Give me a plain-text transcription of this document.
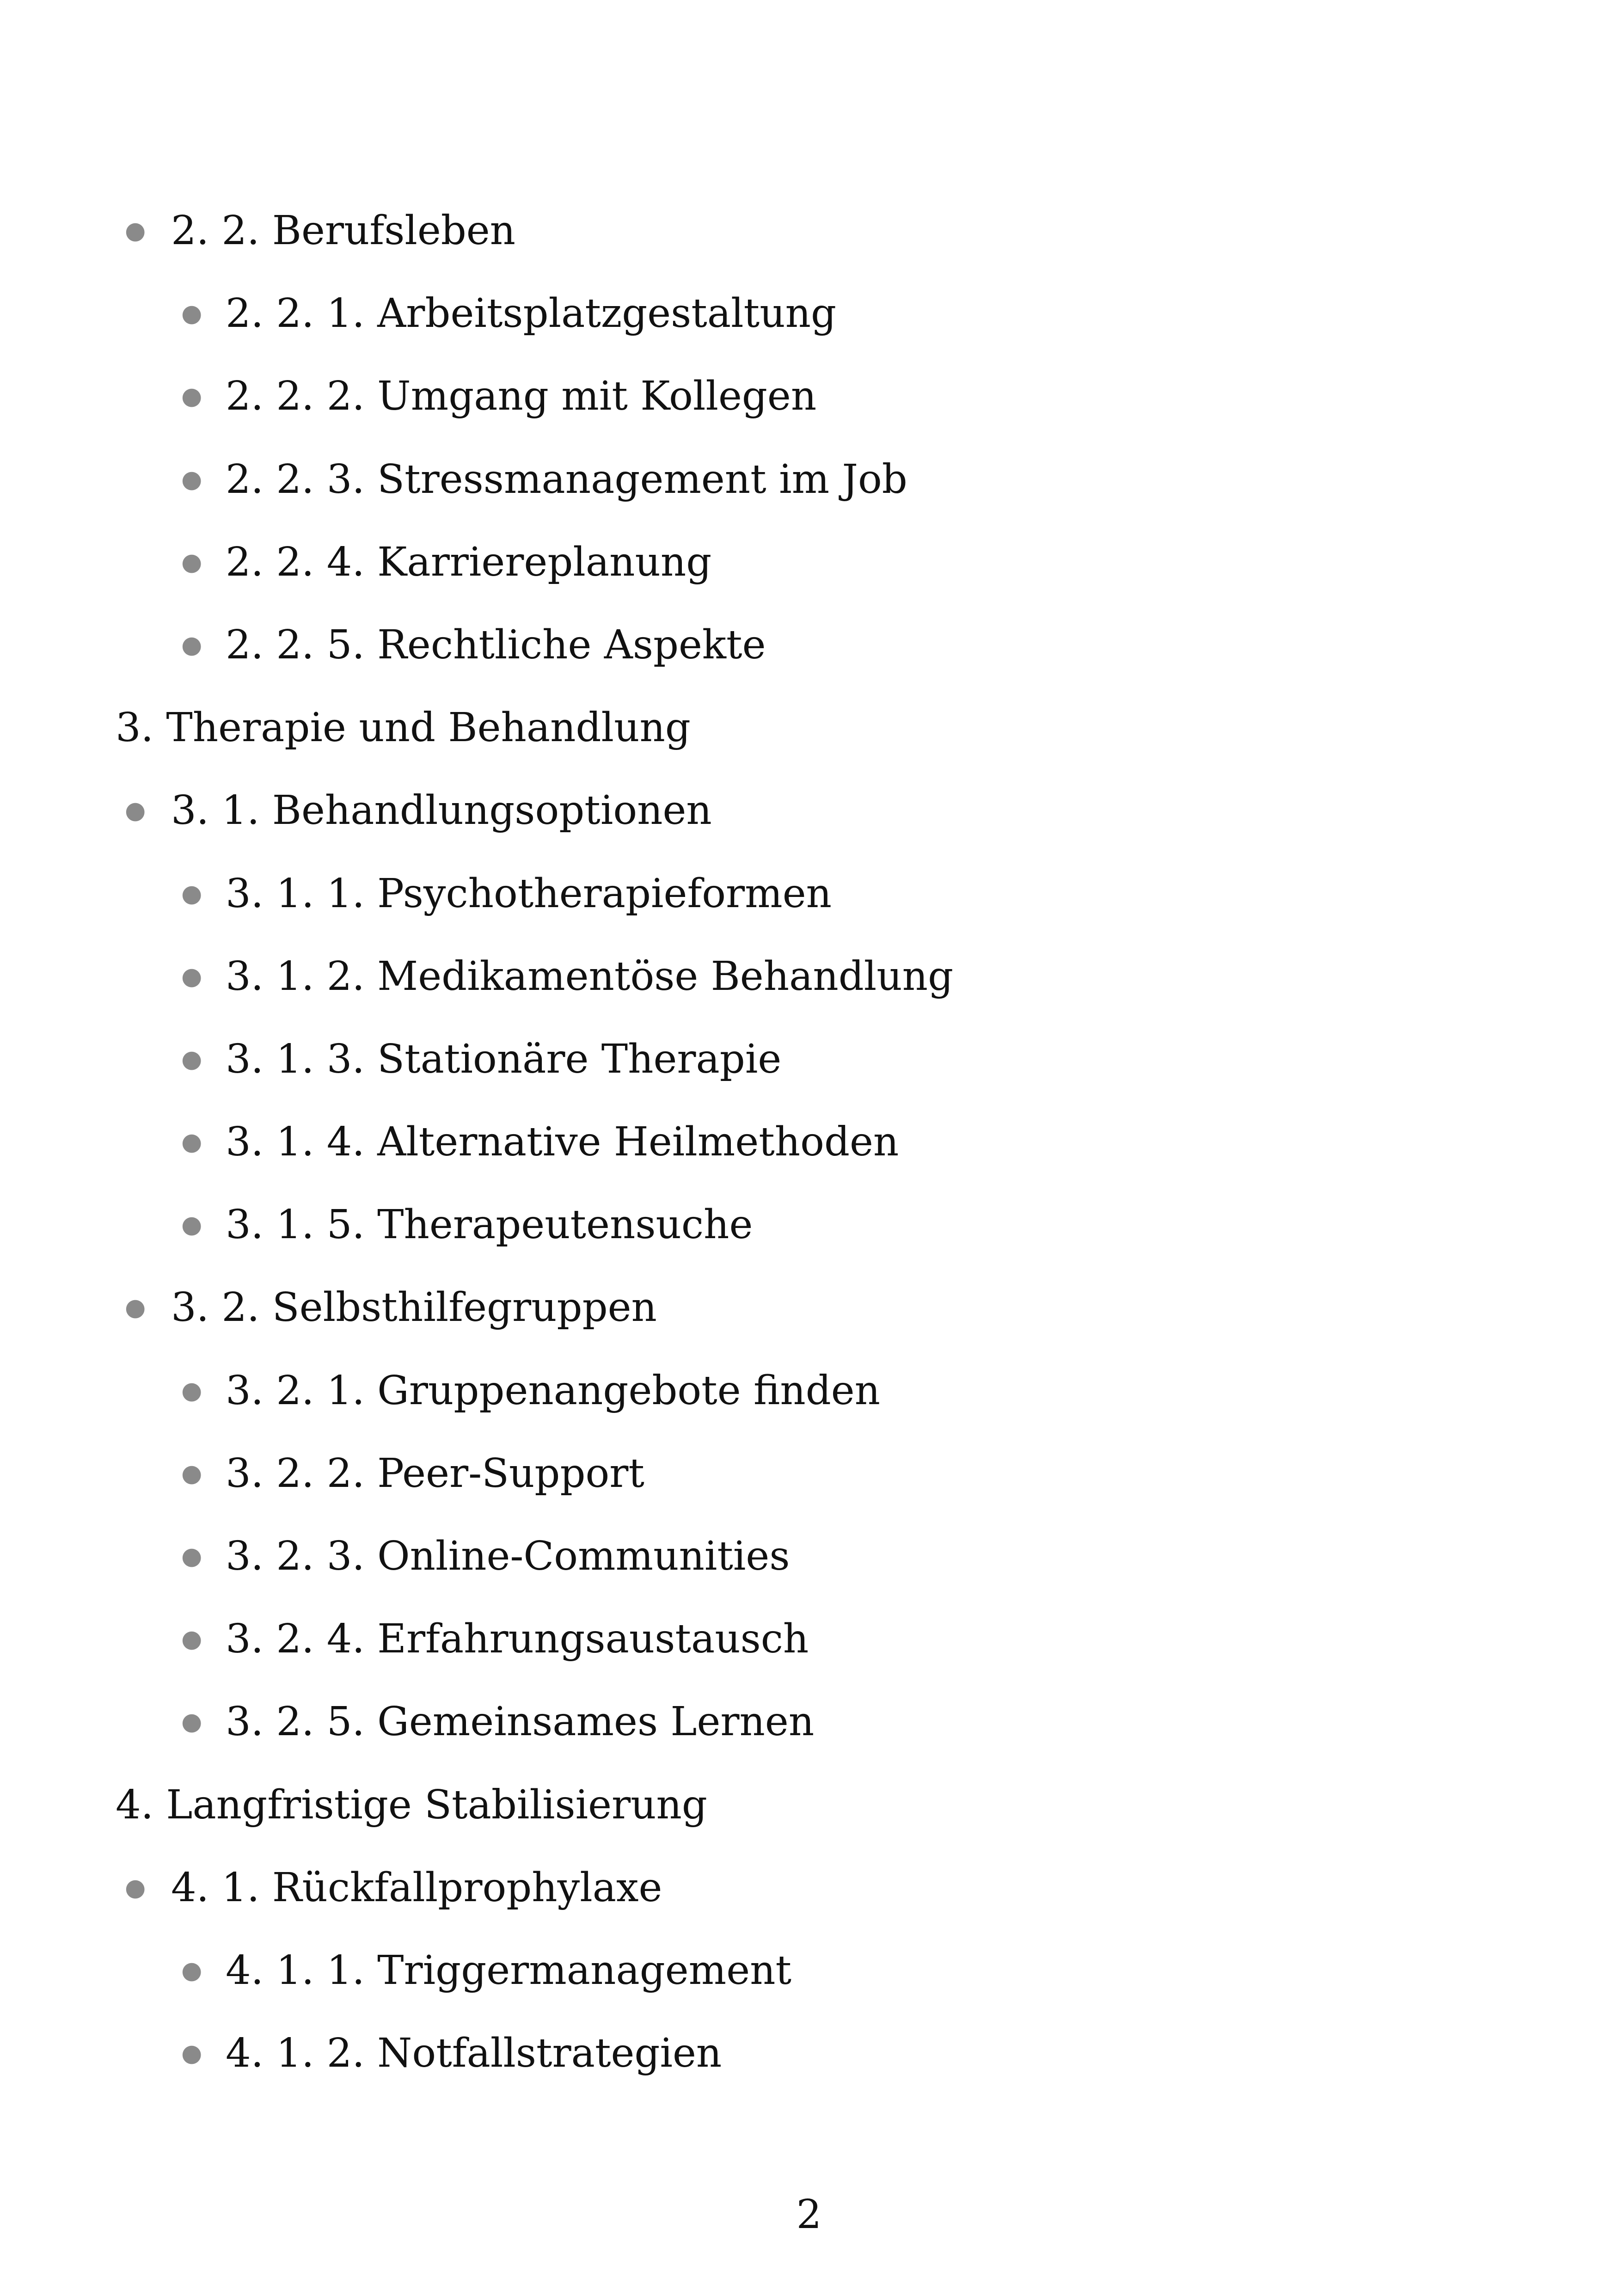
● 2. 2. Berufsleben
● 2. 2. 1. Arbeitsplatzgestaltung
● 2. 2. 2. Umgang mit Kollegen
● 2. 2. 3. Stressmanagement im Job
● 2. 2. 4. Karriereplanung
● 2. 2. 5. Rechtliche Aspekte
3. Therapie und Behandlung
● 3. 1. Behandlungsoptionen
● 3. 1. 1. Psychotherapieformen
● 3. 1. 2. Medikamentöse Behandlung
● 3. 1. 3. Stationäre Therapie
● 3. 1. 4. Alternative Heilmethoden
● 3. 1. 5. Therapeutensuche
● 3. 2. Selbsthilfegruppen
● 3. 2. 1. Gruppenangebote finden
● 3. 2. 2. Peer-Support
● 3. 2. 3. Online-Communities
● 3. 2. 4. Erfahrungsaustausch
● 3. 2. 5. Gemeinsames Lernen
4. Langfristige Stabilisierung
● 4. 1. Rückfallprophylaxe
● 4. 1. 1. Triggermanagement
● 4. 1. 2. Notfallstrategien
2
